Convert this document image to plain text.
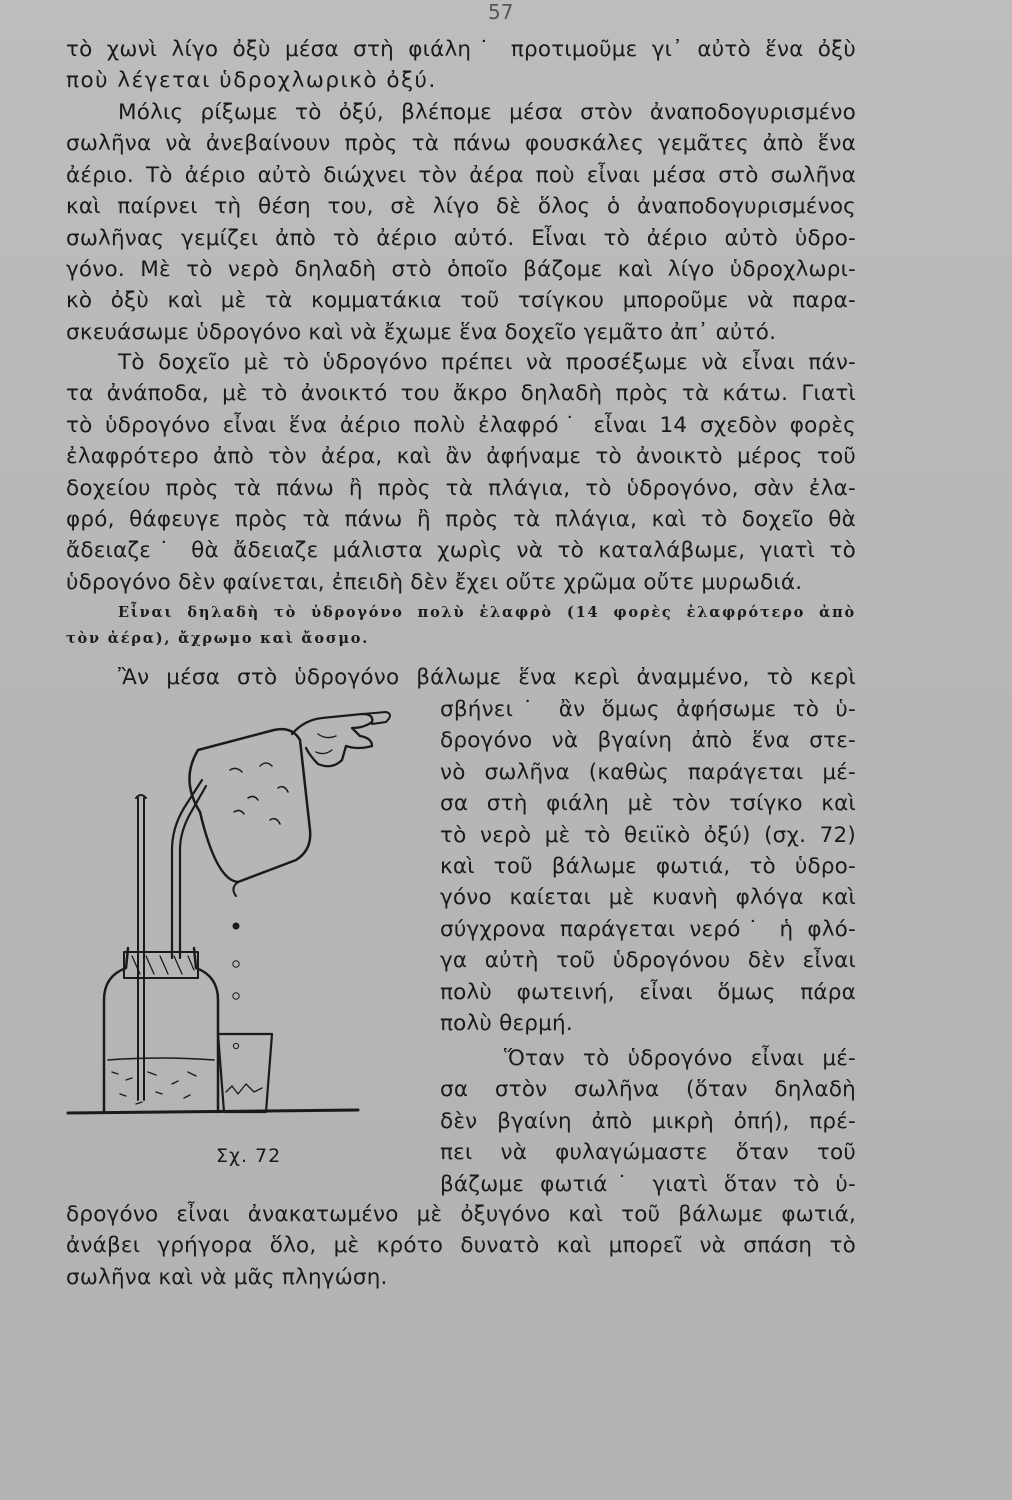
57
τὸ χωνὶ λίγο ὀξὺ μέσα στὴ φιάλη˙ προτιμοῦμε γι᾽ αὐτὸ ἕνα ὀξὺ
ποὺ λέγεται ὑδροχλωρικὸ ὀξύ.
Μόλις ρίξωμε τὸ ὀξύ, βλέπομε μέσα στὸν ἀναποδογυρισμένο
σωλῆνα νὰ ἀνεβαίνουν πρὸς τὰ πάνω φουσκάλες γεμᾶτες ἀπὸ ἕνα
ἀέριο. Τὸ ἀέριο αὐτὸ διώχνει τὸν ἀέρα ποὺ εἶναι μέσα στὸ σωλῆνα
καὶ παίρνει τὴ θέση του, σὲ λίγο δὲ ὅλος ὁ ἀναποδογυρισμένος
σωλῆνας γεμίζει ἀπὸ τὸ ἀέριο αὐτό. Εἶναι τὸ ἀέριο αὐτὸ ὑδρο-
γόνο. Μὲ τὸ νερὸ δηλαδὴ στὸ ὁποῖο βάζομε καὶ λίγο ὑδροχλωρι-
κὸ ὀξὺ καὶ μὲ τὰ κομματάκια τοῦ τσίγκου μποροῦμε νὰ παρα-
σκευάσωμε ὑδρογόνο καὶ νὰ ἔχωμε ἕνα δοχεῖο γεμᾶτο ἀπ᾽ αὐτό.
Τὸ δοχεῖο μὲ τὸ ὑδρογόνο πρέπει νὰ προσέξωμε νὰ εἶναι πάν-
τα ἀνάποδα, μὲ τὸ ἀνοικτό του ἄκρο δηλαδὴ πρὸς τὰ κάτω. Γιατὶ
τὸ ὑδρογόνο εἶναι ἕνα ἀέριο πολὺ ἐλαφρό˙ εἶναι 14 σχεδὸν φορὲς
ἐλαφρότερο ἀπὸ τὸν ἀέρα, καὶ ἂν ἀφήναμε τὸ ἀνοικτὸ μέρος τοῦ
δοχείου πρὸς τὰ πάνω ἢ πρὸς τὰ πλάγια, τὸ ὑδρογόνο, σὰν ἐλα-
φρό, θάφευγε πρὸς τὰ πάνω ἢ πρὸς τὰ πλάγια, καὶ τὸ δοχεῖο θὰ
ἄδειαζε˙ θὰ ἄδειαζε μάλιστα χωρὶς νὰ τὸ καταλάβωμε, γιατὶ τὸ
ὑδρογόνο δὲν φαίνεται, ἐπειδὴ δὲν ἔχει οὔτε χρῶμα οὔτε μυρωδιά.
Εἶναι δηλαδὴ τὸ ὑδρογόνο πολὺ ἐλαφρὸ (14 φορὲς ἐλαφρότερο ἀπὸ
τὸν ἀέρα), ἄχρωμο καὶ ἄοσμο.
Ἂν μέσα στὸ ὑδρογόνο βάλωμε ἕνα κερὶ ἀναμμένο, τὸ κερὶ
σβήνει˙ ἂν ὅμως ἀφήσωμε τὸ ὑ-
δρογόνο νὰ βγαίνη ἀπὸ ἕνα στε-
νὸ σωλῆνα (καθὼς παράγεται μέ-
σα στὴ φιάλη μὲ τὸν τσίγκο καὶ
τὸ νερὸ μὲ τὸ θειϊκὸ ὀξύ) (σχ. 72)
καὶ τοῦ βάλωμε φωτιά, τὸ ὑδρο-
γόνο καίεται μὲ κυανὴ φλόγα καὶ
σύγχρονα παράγεται νερό˙ ἡ φλό-
γα αὐτὴ τοῦ ὑδρογόνου δὲν εἶναι
πολὺ φωτεινή, εἶναι ὅμως πάρα
πολὺ θερμή.
Ὅταν τὸ ὑδρογόνο εἶναι μέ-
σα στὸν σωλῆνα (ὅταν δηλαδὴ
δὲν βγαίνη ἀπὸ μικρὴ ὀπή), πρέ-
πει νὰ φυλαγώμαστε ὅταν τοῦ
βάζωμε φωτιά˙ γιατὶ ὅταν τὸ ὑ-
δρογόνο εἶναι ἀνακατωμένο μὲ ὀξυγόνο καὶ τοῦ βάλωμε φωτιά,
ἀνάβει γρήγορα ὅλο, μὲ κρότο δυνατὸ καὶ μπορεῖ νὰ σπάση τὸ
σωλῆνα καὶ νὰ μᾶς πληγώση.
Σχ. 72
